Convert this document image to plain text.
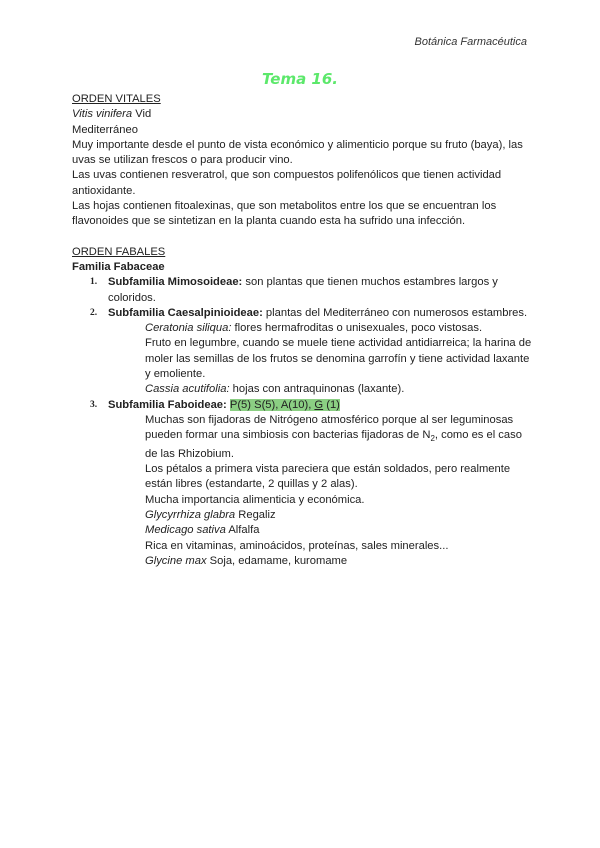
Botánica Farmacéutica
Tema 16.

ORDEN VITALES

Vitis vinifera Vid

Mediterráneo

Muy importante desde el punto de vista económico y alimenticio porque su fruto (baya), las uvas se utilizan frescos o para producir vino.

Las uvas contienen resveratrol, que son compuestos polifenólicos que tienen actividad antioxidante.

Las hojas contienen fitoalexinas, que son metabolitos entre los que se encuentran los flavonoides que se sintetizan en la planta cuando esta ha sufrido una infección.

ORDEN FABALES

Familia Fabaceae

1. Subfamilia Mimosoideae: son plantas que tienen muchos estambres largos y coloridos.
2. Subfamilia Caesalpinioideae: plantas del Mediterráneo con numerosos estambres.

Ceratonia siliqua: flores hermafroditas o unisexuales, poco vistosas.

Fruto en legumbre, cuando se muele tiene actividad antidiarreica; la harina de moler las semillas de los frutos se denomina garrofín y tiene actividad laxante y emoliente.

Cassia acutifolia: hojas con antraquinonas (laxante).

3. Subfamilia Faboideae: P(5) S(5), A(10), G (1)

Muchas son fijadoras de Nitrógeno atmosférico porque al ser leguminosas pueden formar una simbiosis con bacterias fijadoras de $N_2$, como es el caso de las Rhizobium.

Los pétalos a primera vista pareciera que están soldados, pero realmente están libres (estandarte, 2 quillas y 2 alas).

Mucha importancia alimenticia y económica.

Glycyrrhiza glabra Regaliz

Medicago sativa Alfalfa

Rica en vitaminas, aminoácidos, proteínas, sales minerales...

Glycine max Soja, edamame, kuromame
